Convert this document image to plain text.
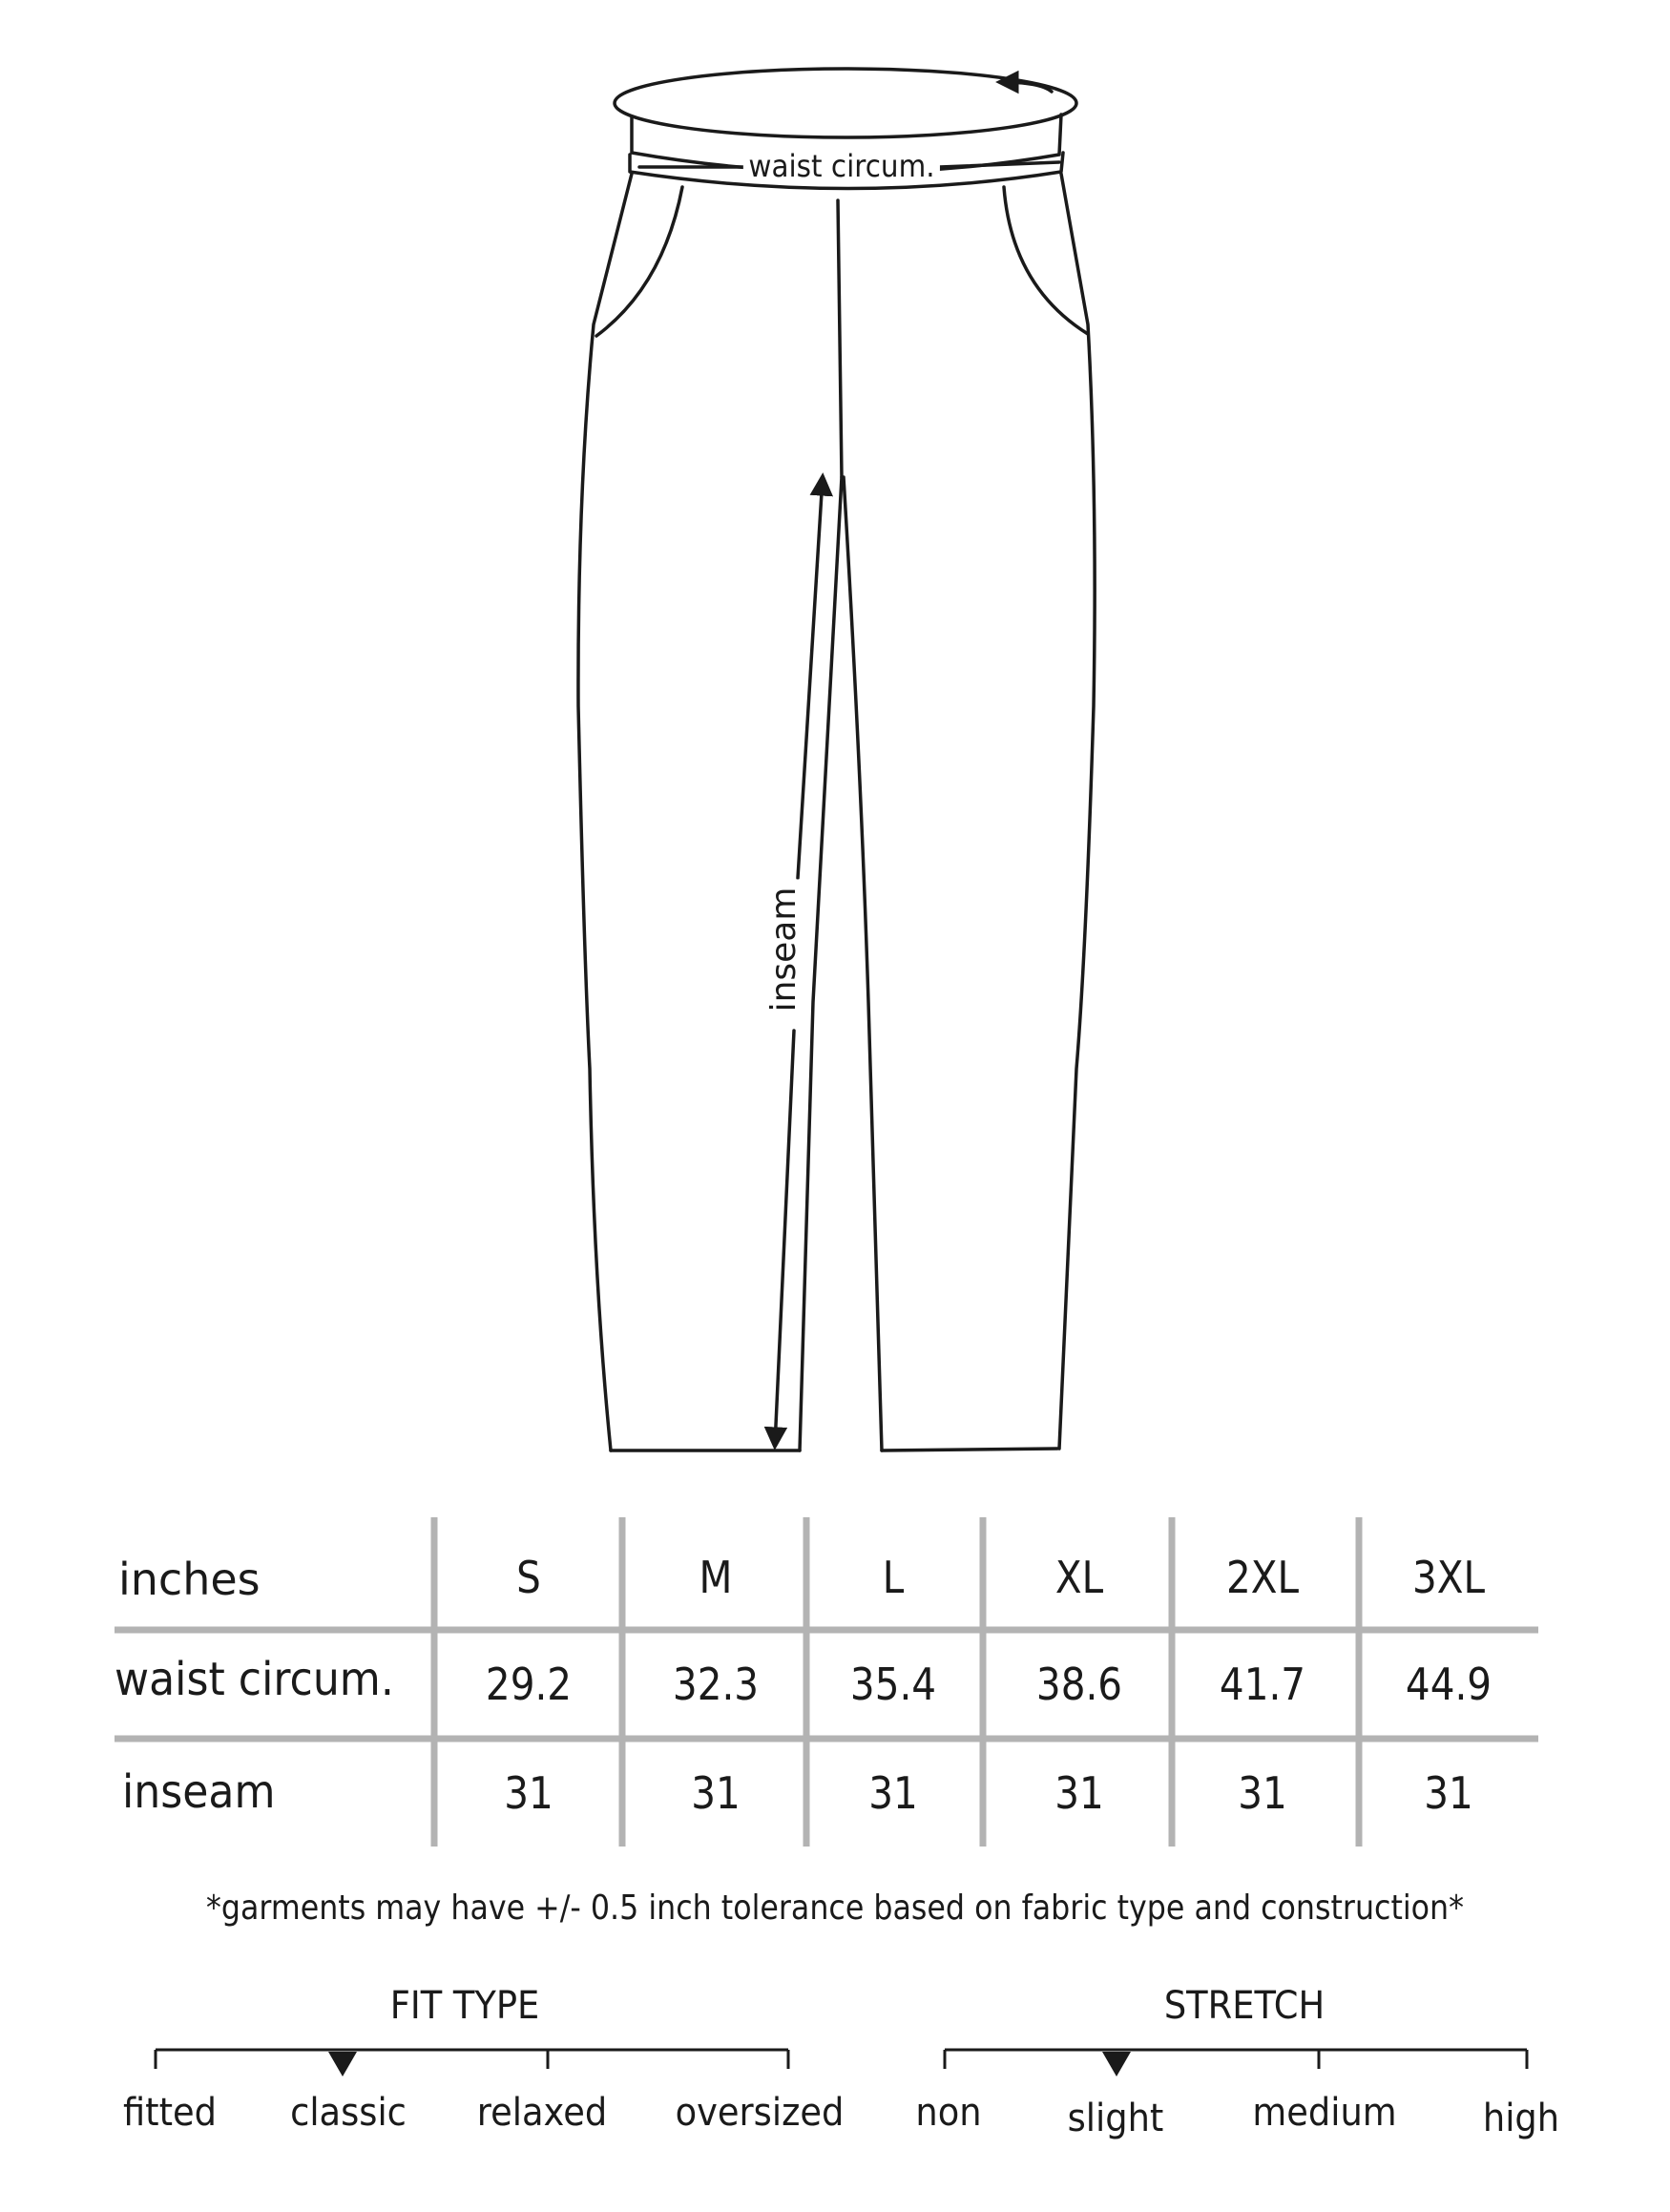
waist circum.
inseam
inches	S	M	L	XL	2XL	3XL
waist circum. 29.2 32.3 35.4 38.6 41.7 44.9
inseam	31	31	31	31	31	31
*garments may have +/- 0.5 inch tolerance based on fabric type and construction*
FIT TYPE
fitted classic relaxed oversized
STRETCH
non slight medium high
